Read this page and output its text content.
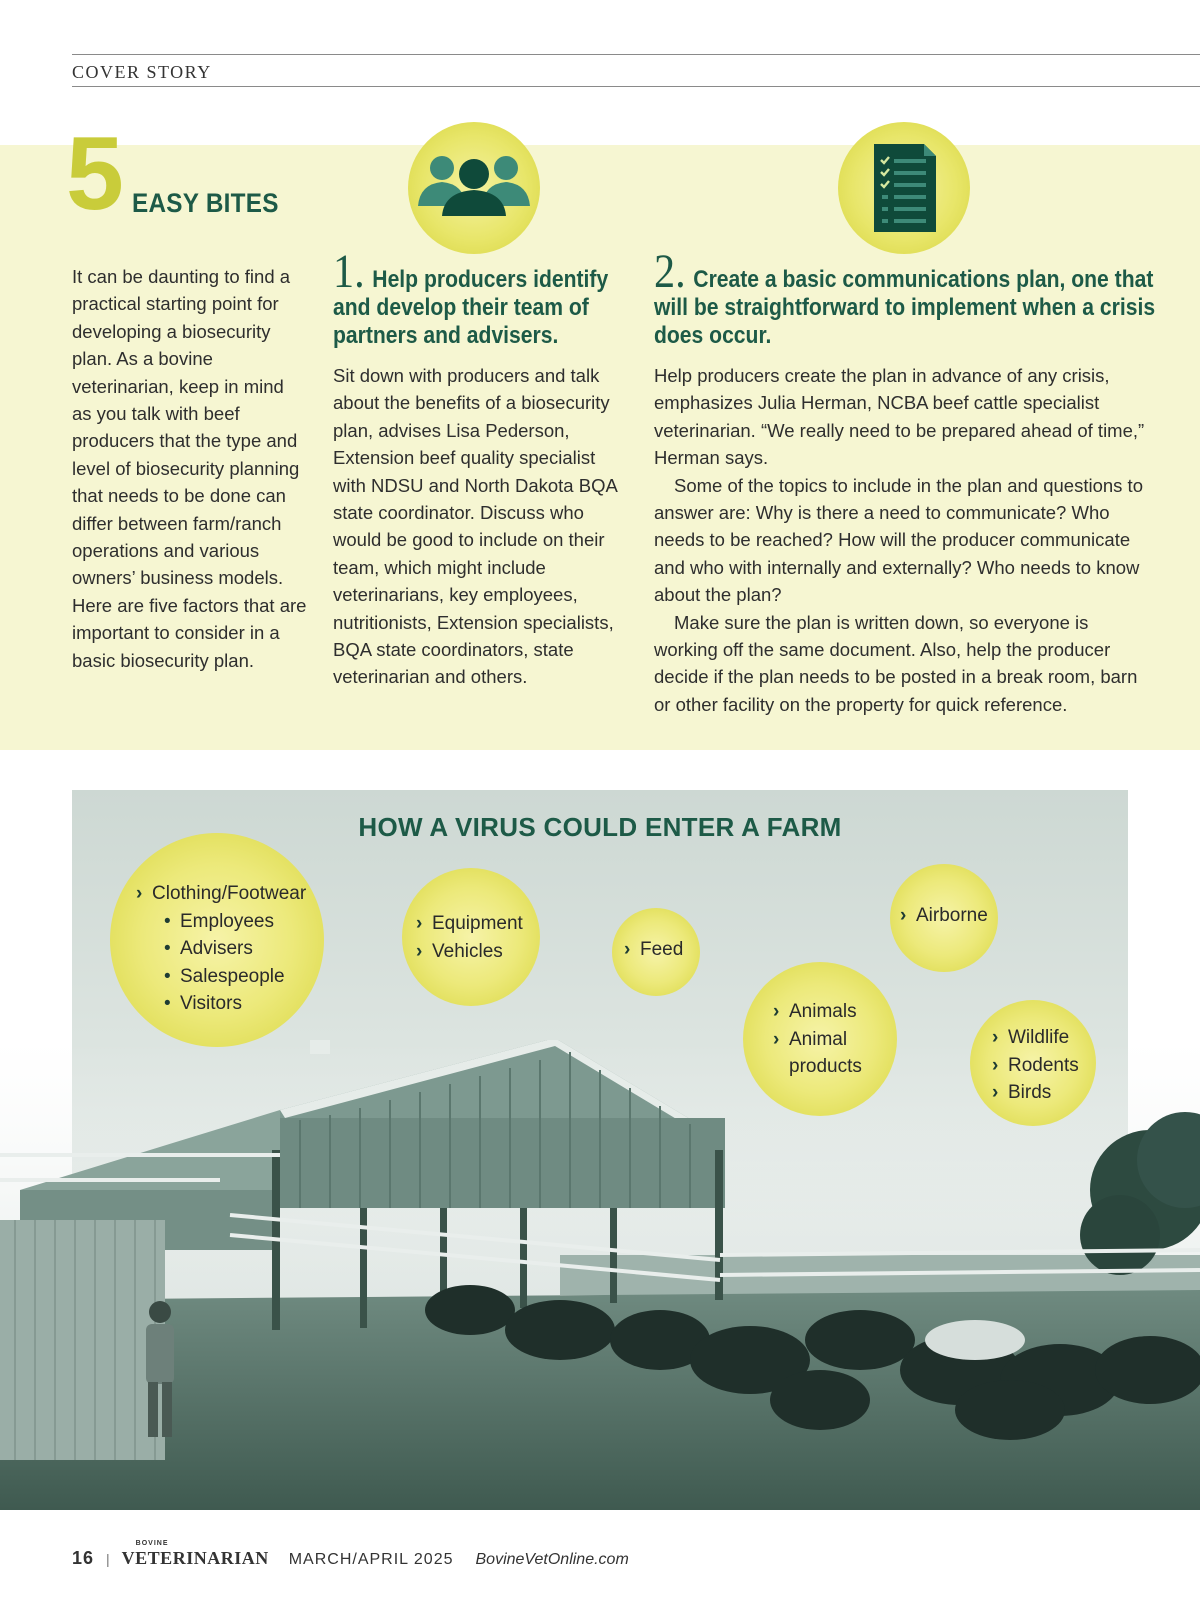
COVER STORY
5 EASY BITES
It can be daunting to find a practical starting point for developing a biosecurity plan. As a bovine veterinarian, keep in mind as you talk with beef producers that the type and level of biosecurity planning that needs to be done can differ between farm/ranch operations and various owners’ business models. Here are five factors that are important to consider in a basic biosecurity plan.
1. Help producers identify and develop their team of partners and advisers.

Sit down with producers and talk about the benefits of a biosecurity plan, advises Lisa Pederson, Extension beef quality specialist with NDSU and North Dakota BQA state coordinator. Discuss who would be good to include on their team, which might include veterinarians, key employees, nutritionists, Extension specialists, BQA state coordinators, state veterinarian and others.

2. Create a basic communications plan, one that will be straightforward to implement when a crisis does occur.

Help producers create the plan in advance of any crisis, emphasizes Julia Herman, NCBA beef cattle specialist veterinarian. “We really need to be prepared ahead of time,” Herman says.

Some of the topics to include in the plan and questions to answer are: Why is there a need to communicate? Who needs to be reached? How will the producer communicate and who with internally and externally? Who needs to know about the plan?

Make sure the plan is written down, so everyone is working off the same document. Also, help the producer decide if the plan needs to be posted in a break room, barn or other facility on the property for quick reference.

HOW A VIRUS COULD ENTER A FARM
› Clothing/Footwear
• Employees
• Advisers
• Salespeople
• Visitors
› Equipment
› Vehicles	› Feed
› Airborne
› Animals
› Animal
products
› Wildlife
› Rodents
› Birds
16 |
BOVINE
VETERINARIAN MARCH/APRIL 2025 BovineVetOnline.com
